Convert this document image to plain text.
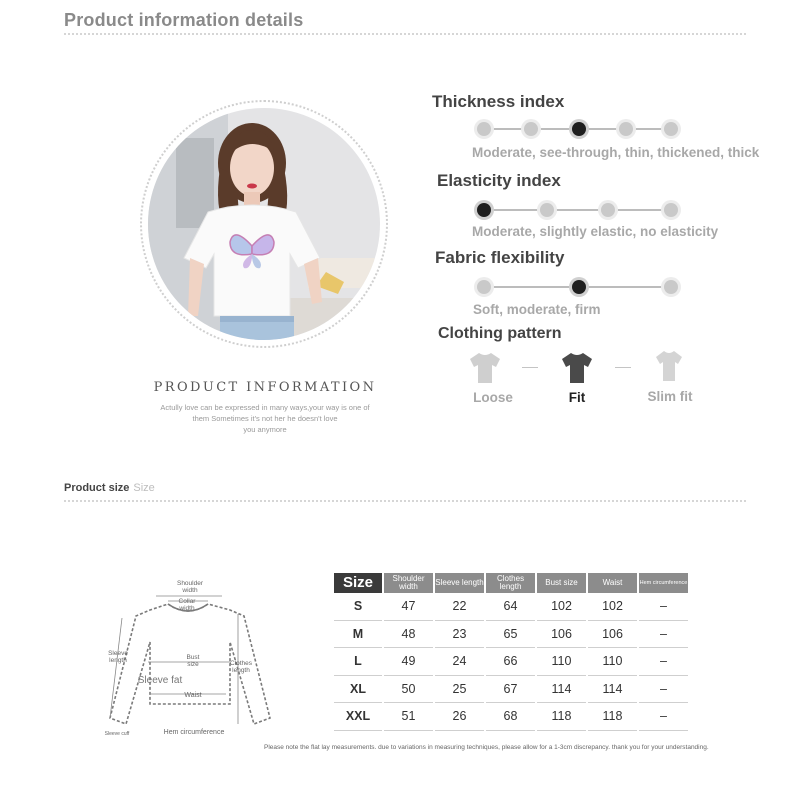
Product information details
PRODUCT INFORMATION
Actully love can be expressed in many ways,your way is one of
them Sometimes it's not her he doesn't love
you anymore
Thickness index
Moderate, see-through, thin, thickened, thick
Elasticity index
Moderate, slightly elastic, no elasticity
Fabric flexibility
Soft, moderate, firm
Clothing pattern
Loose	Fit	Slim fit
Product size Size
Shoulder width
Collar width
Sleeve length	Bust size	Clothes length
Sleeve fat
Waist
Sleeve cuff	Hem circumference
Size	Shoulder width	Sleeve length	Clothes length	Bust size	Waist	Hem circumference
S	47	22	64	102	102	–
M	48	23	65	106	106	–
L	49	24	66	110	110	–
XL	50	25	67	114	114	–
XXL	51	26	68	118	118	–
Please note the flat lay measurements. due to variations in measuring techniques, please allow for a 1-3cm discrepancy. thank you for your understanding.
